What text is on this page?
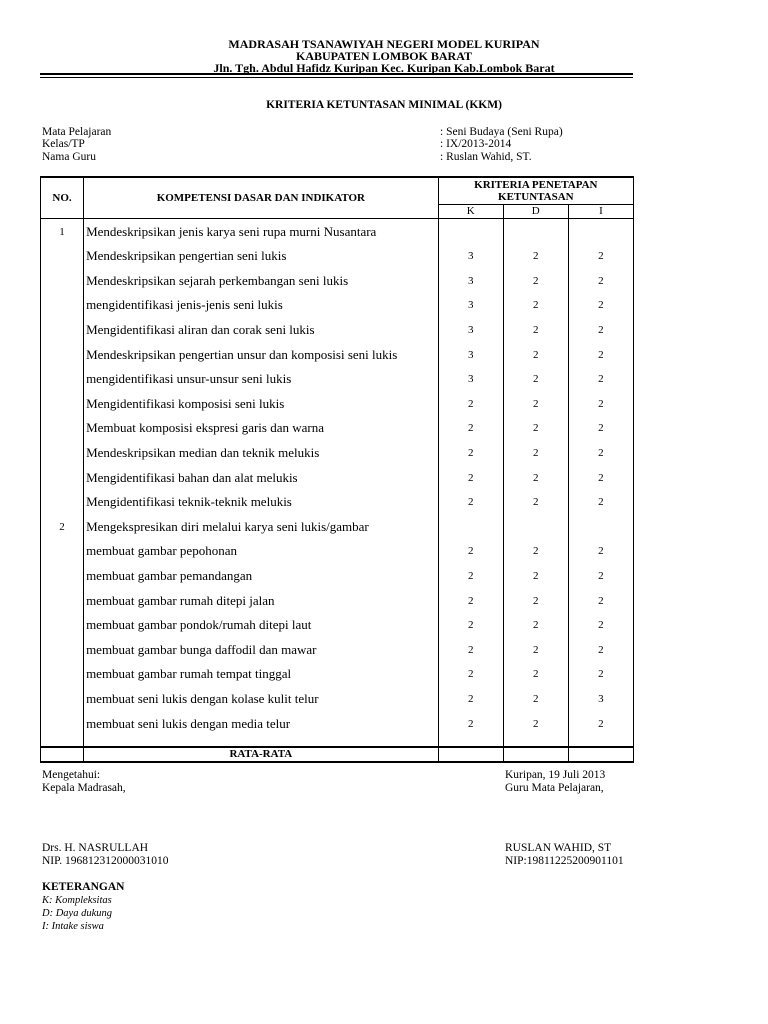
MADRASAH TSANAWIYAH NEGERI MODEL KURIPAN
KABUPATEN LOMBOK BARAT
Jln. Tgh. Abdul Hafidz Kuripan Kec. Kuripan Kab.Lombok Barat
KRITERIA KETUNTASAN MINIMAL (KKM)
Mata Pelajaran	: Seni Budaya (Seni Rupa)
Kelas/TP	: IX/2013-2014
Nama Guru	: Ruslan Wahid, ST.
NO.	KOMPETENSI DASAR DAN INDIKATOR	KRITERIA PENETAPAN KETUNTASAN		
		K	D	I
1	Mendeskripsikan jenis karya seni rupa murni Nusantara			
	Mendeskripsikan pengertian seni lukis	3	2	2
	Mendeskripsikan sejarah perkembangan seni lukis	3	2	2
	mengidentifikasi jenis-jenis seni lukis	3	2	2
	Mengidentifikasi aliran dan corak seni lukis	3	2	2
	Mendeskripsikan pengertian unsur dan komposisi seni lukis	3	2	2
	mengidentifikasi unsur-unsur seni lukis	3	2	2
	Mengidentifikasi komposisi seni lukis	2	2	2
	Membuat komposisi ekspresi garis dan warna	2	2	2
	Mendeskripsikan median dan teknik melukis	2	2	2
	Mengidentifikasi bahan dan alat melukis	2	2	2
	Mengidentifikasi teknik-teknik melukis	2	2	2
2	Mengekspresikan diri melalui karya seni lukis/gambar			
	membuat gambar pepohonan	2	2	2
	membuat gambar pemandangan	2	2	2
	membuat gambar rumah ditepi jalan	2	2	2
	membuat gambar pondok/rumah ditepi laut	2	2	2
	membuat gambar bunga daffodil dan mawar	2	2	2
	membuat gambar rumah tempat tinggal	2	2	2
	membuat seni lukis dengan kolase kulit telur	2	2	3
	membuat seni lukis dengan media telur	2	2	2

	RATA-RATA			
Mengetahui:
Kepala Madrasah,
Kuripan, 19 Juli 2013
Guru Mata Pelajaran,
Drs. H. NASRULLAH
NIP. 196812312000031010
RUSLAN WAHID, ST
NIP:19811225200901101
KETERANGAN
K: Kompleksitas
D: Daya dukung
I: Intake siswa
